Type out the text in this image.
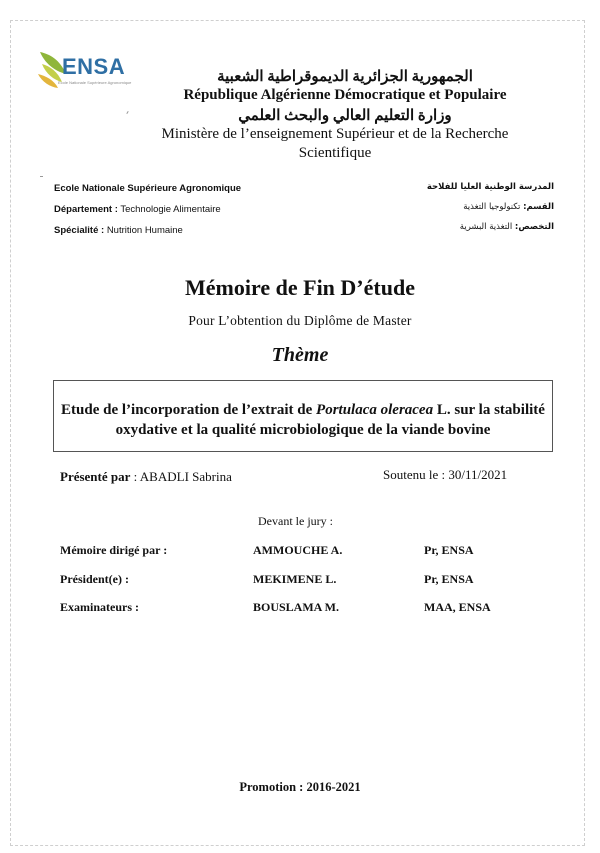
ENSA
Ecole Nationale Supérieure Agronomique	الجمهورية الجزائرية الديموقراطية الشعبية
République Algérienne Démocratique et Populaire
وزارة التعليم العالي والبحث العلمي
Ministère de l’enseignement Supérieur et de la Recherche
Scientifique
Ecole Nationale Supérieure Agronomique
Département : Technologie Alimentaire
Spécialité : Nutrition Humaine
المدرسة الوطنية العليا للفلاحة
القسم: تكنولوجيا التغذية
التخصص: التغذية البشرية
Mémoire de Fin D’étude
Pour L’obtention du Diplôme de Master
Thème
Etude de l’incorporation de l’extrait de Portulaca oleracea L. sur la stabilité oxydative et la qualité microbiologique de la viande bovine
Présenté par : ABADLI Sabrina	Soutenu le : 30/11/2021
Devant le jury :
Mémoire dirigé par :	AMMOUCHE A.	Pr, ENSA
Président(e) :	MEKIMENE L.	Pr, ENSA
Examinateurs :	BOUSLAMA M.	MAA, ENSA
Promotion : 2016-2021
